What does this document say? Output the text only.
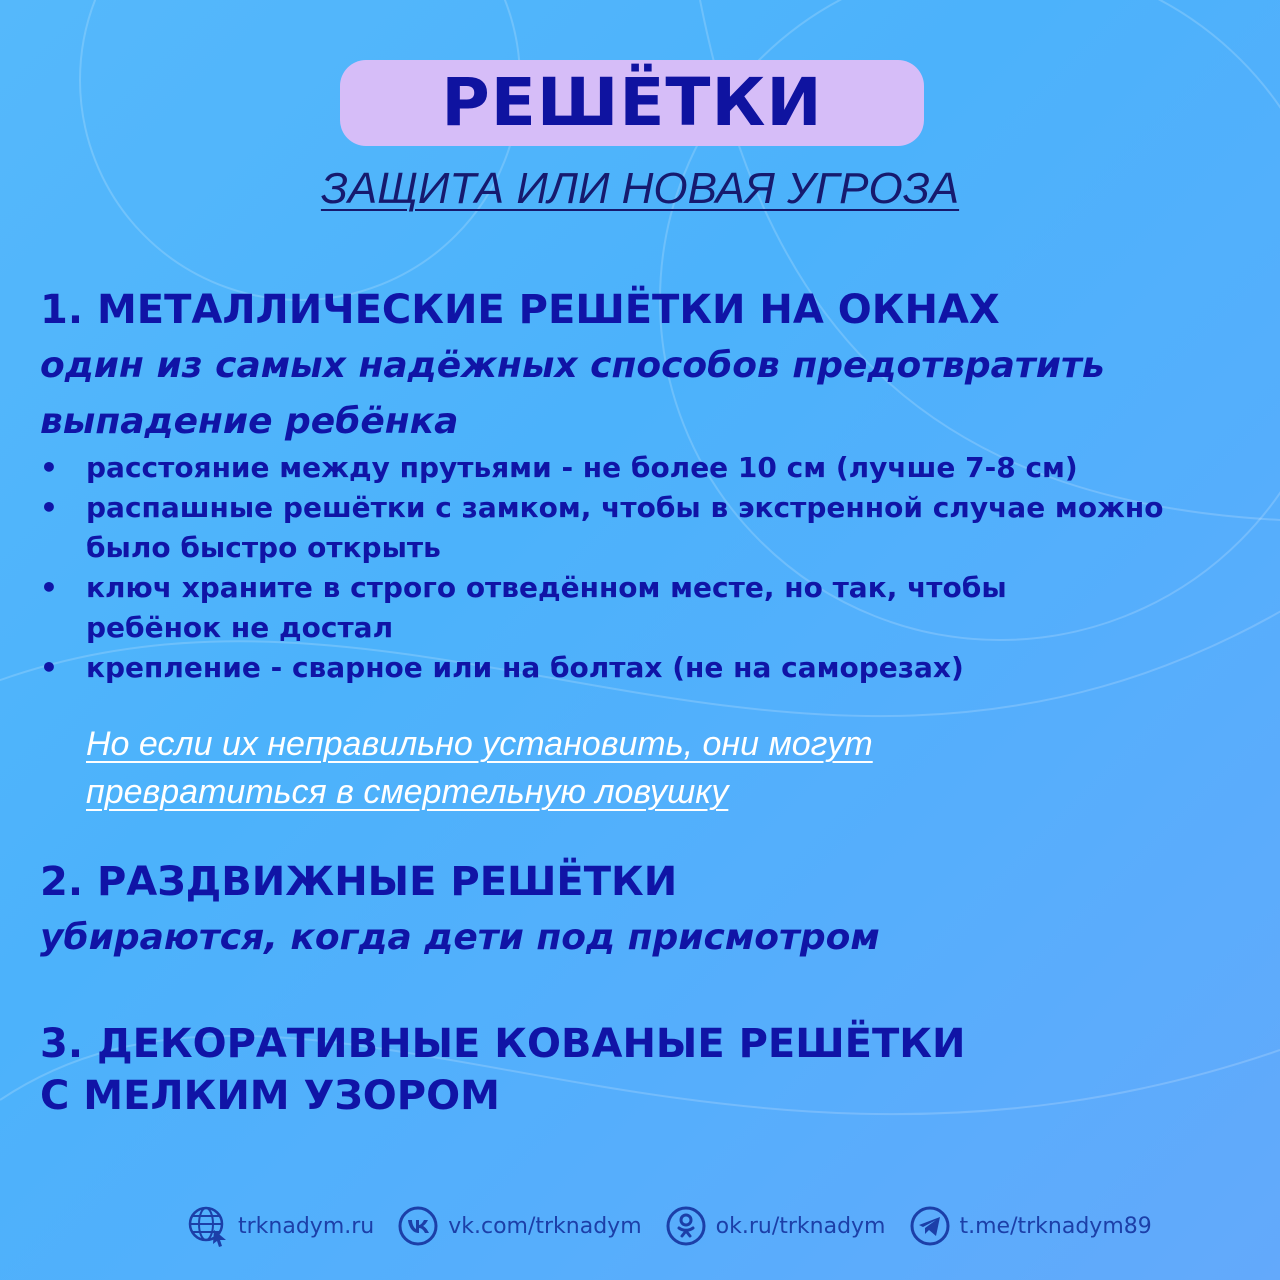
РЕШЁТКИ
ЗАЩИТА ИЛИ НОВАЯ УГРОЗА
1. МЕТАЛЛИЧЕСКИЕ РЕШЁТКИ НА ОКНАХ
один из самых надёжных способов предотвратить
выпадение ребёнка
• расстояние между прутьями - не более 10 см (лучше 7-8 см)
• распашные решётки с замком, чтобы в экстренной случае можно было быстро открыть
• ключ храните в строго отведённом месте, но так, чтобы ребёнок не достал
• крепление - сварное или на болтах (не на саморезах)
Но если их неправильно установить, они могут превратиться в смертельную ловушку
2. РАЗДВИЖНЫЕ РЕШЁТКИ
убираются, когда дети под присмотром
3. ДЕКОРАТИВНЫЕ КОВАНЫЕ РЕШЁТКИ
С МЕЛКИМ УЗОРОМ
trknadym.ru	vk.com/trknadym	ok.ru/trknadym	t.me/trknadym89
